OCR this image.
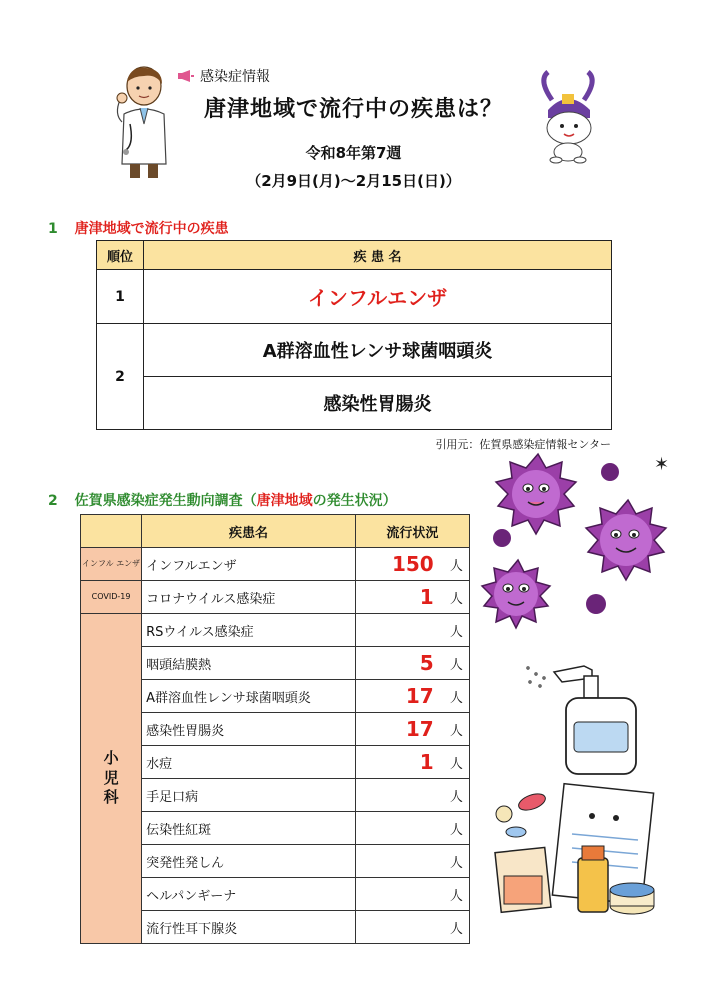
感染症情報
唐津地域で流行中の疾患は？
令和8年第7週
（2月9日(月)～2月15日(日)）
1 唐津地域で流行中の疾患
順位	疾 患 名
1	インフルエンザ
2	A群溶血性レンサ球菌咽頭炎
	感染性胃腸炎
引用元：佐賀県感染症情報センター
2 佐賀県感染症発生動向調査（唐津地域の発生状況）
	疾患名	流行状況	
インフル エンザ	インフルエンザ	150	人
COVID-19	コロナウイルス感染症	1	人
小
児
科	RSウイルス感染症		人
	咽頭結膜熱	5	人
	A群溶血性レンサ球菌咽頭炎	17	人
	感染性胃腸炎	17	人
	水痘	1	人
	手足口病		人
	伝染性紅斑		人
	突発性発しん		人
	ヘルパンギーナ		人
	流行性耳下腺炎		人
✶
